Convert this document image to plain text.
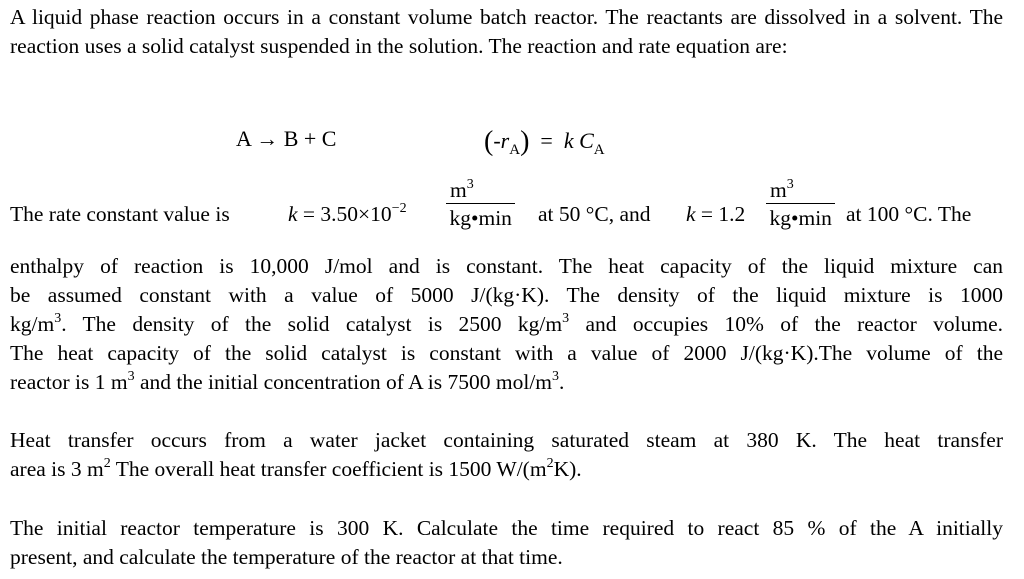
A liquid phase reaction occurs in a constant volume batch reactor. The reactants are dissolved in a solvent. The reaction uses a solid catalyst suspended in the solution. The reaction and rate equation are:

A → B + C	$(-r_A) = k$ $C_A$
The rate constant value is	$k = 3.50\times 10^{-2}$
$m^3$
kg•min at 50 °C, and k = 1.2
$m^3$
kg•min at 100 °C. The
enthalpy of reaction is 10,000 J/mol and is constant. The heat capacity of the liquid mixture can
be assumed constant with a value of 5000 J/(kg·K). The density of the liquid mixture is 1000
$kg/m^3$. The density of the solid catalyst is 2500 $kg/m^3$ and occupies 10% of the reactor volume.
The heat capacity of the solid catalyst is constant with a value of 2000 J/(kg·K).The volume of the
reactor is 1 $m^3$ and the initial concentration of A is 7500 mol/$m^3$.
Heat transfer occurs from a water jacket containing saturated steam at 380 K. The heat transfer
area is 3 $m^2$ The overall heat transfer coefficient is 1500 $W/(m^2K)$.
The initial reactor temperature is 300 K. Calculate the time required to react 85 % of the A initially
present, and calculate the temperature of the reactor at that time.
